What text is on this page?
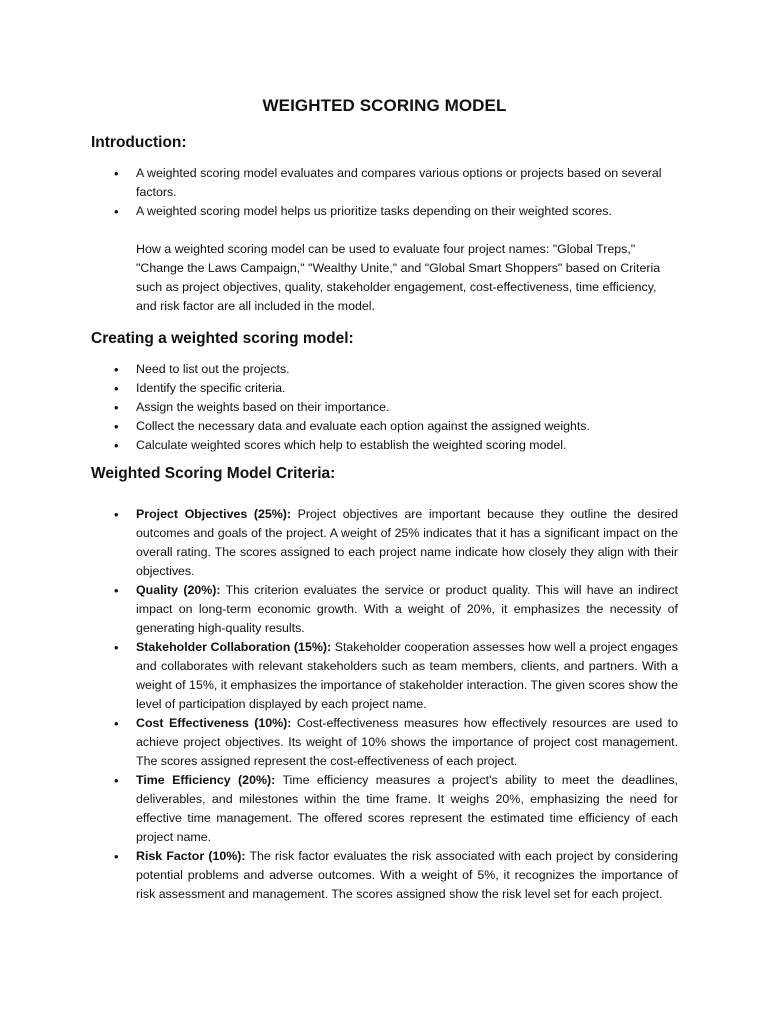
WEIGHTED SCORING MODEL
Introduction:
• A weighted scoring model evaluates and compares various options or projects based on several factors.
• A weighted scoring model helps us prioritize tasks depending on their weighted scores.
How a weighted scoring model can be used to evaluate four project names: "Global Treps," "Change the Laws Campaign," "Wealthy Unite," and "Global Smart Shoppers" based on Criteria such as project objectives, quality, stakeholder engagement, cost-effectiveness, time efficiency, and risk factor are all included in the model.
Creating a weighted scoring model:
• Need to list out the projects.
• Identify the specific criteria.
• Assign the weights based on their importance.
• Collect the necessary data and evaluate each option against the assigned weights.
• Calculate weighted scores which help to establish the weighted scoring model.
Weighted Scoring Model Criteria:
• Project Objectives (25%): Project objectives are important because they outline the desired outcomes and goals of the project. A weight of 25% indicates that it has a significant impact on the overall rating. The scores assigned to each project name indicate how closely they align with their objectives.
• Quality (20%): This criterion evaluates the service or product quality. This will have an indirect impact on long-term economic growth. With a weight of 20%, it emphasizes the necessity of generating high-quality results.
• Stakeholder Collaboration (15%): Stakeholder cooperation assesses how well a project engages and collaborates with relevant stakeholders such as team members, clients, and partners. With a weight of 15%, it emphasizes the importance of stakeholder interaction. The given scores show the level of participation displayed by each project name.
• Cost Effectiveness (10%): Cost-effectiveness measures how effectively resources are used to achieve project objectives. Its weight of 10% shows the importance of project cost management. The scores assigned represent the cost-effectiveness of each project.
• Time Efficiency (20%): Time efficiency measures a project's ability to meet the deadlines, deliverables, and milestones within the time frame. It weighs 20%, emphasizing the need for effective time management. The offered scores represent the estimated time efficiency of each project name.
• Risk Factor (10%): The risk factor evaluates the risk associated with each project by considering potential problems and adverse outcomes. With a weight of 5%, it recognizes the importance of risk assessment and management. The scores assigned show the risk level set for each project.
